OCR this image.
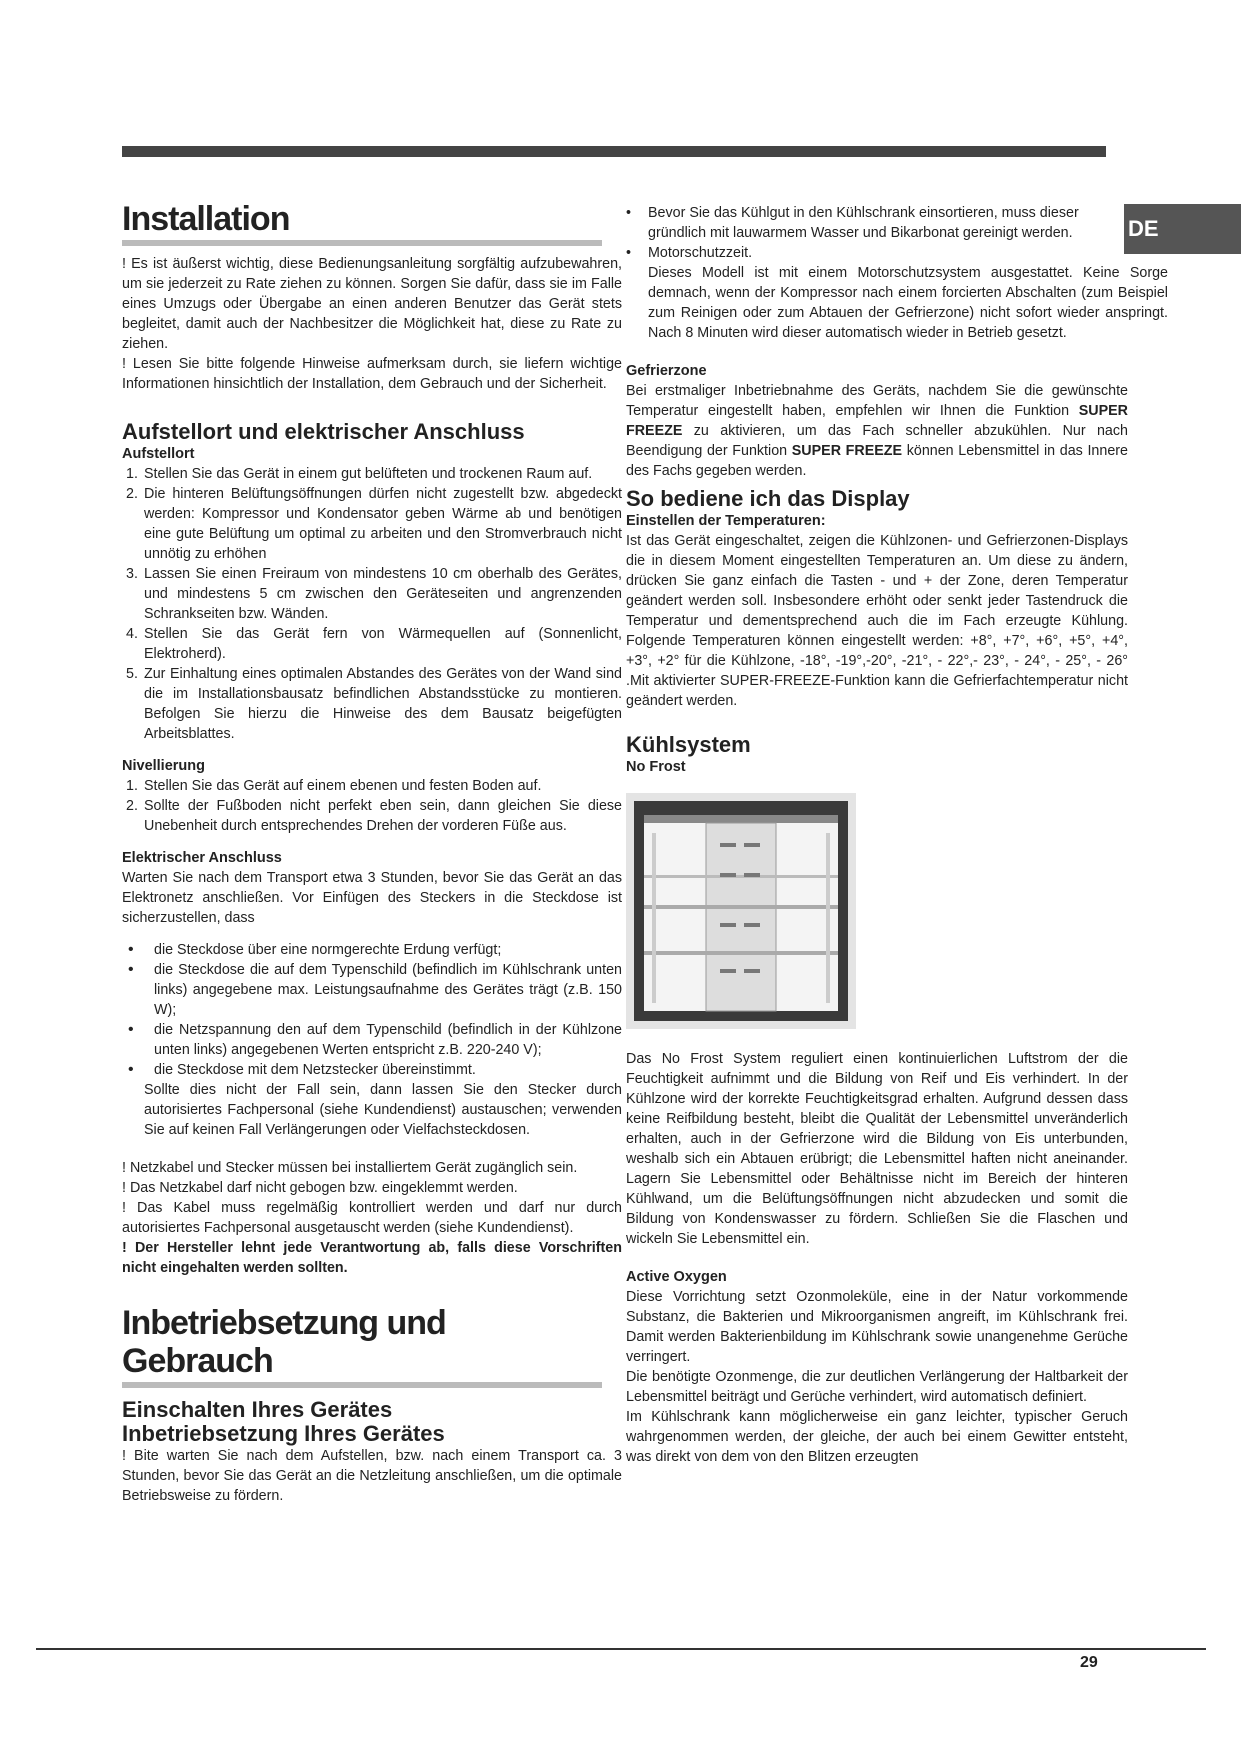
DE
Installation

! Es ist äußerst wichtig, diese Bedienungsanleitung sorgfältig aufzubewahren, um sie jederzeit zu Rate ziehen zu können. Sorgen Sie dafür, dass sie im Falle eines Umzugs oder Übergabe an einen anderen Benutzer das Gerät stets begleitet, damit auch der Nachbesitzer die Möglichkeit hat, diese zu Rate zu ziehen.

! Lesen Sie bitte folgende Hinweise aufmerksam durch, sie liefern wichtige Informationen hinsichtlich der Installation, dem Gebrauch und der Sicherheit.

Aufstellort und elektrischer Anschluss
Aufstellort
1. Stellen Sie das Gerät in einem gut belüfteten und trockenen Raum auf.
2. Die hinteren Belüftungsöffnungen dürfen nicht zugestellt bzw. abgedeckt werden: Kompressor und Kondensator geben Wärme ab und benötigen eine gute Belüftung um optimal zu arbeiten und den Stromverbrauch nicht unnötig zu erhöhen
3. Lassen Sie einen Freiraum von mindestens 10 cm oberhalb des Gerätes, und mindestens 5 cm zwischen den Geräteseiten und angrenzenden Schrankseiten bzw. Wänden.
4. Stellen Sie das Gerät fern von Wärmequellen auf (Sonnenlicht, Elektroherd).
5. Zur Einhaltung eines optimalen Abstandes des Gerätes von der Wand sind die im Installationsbausatz befindlichen Abstandsstücke zu montieren. Befolgen Sie hierzu die Hinweise des dem Bausatz beigefügten Arbeitsblattes.
Nivellierung
1. Stellen Sie das Gerät auf einem ebenen und festen Boden auf.
2. Sollte der Fußboden nicht perfekt eben sein, dann gleichen Sie diese Unebenheit durch entsprechendes Drehen der vorderen Füße aus.
Elektrischer Anschluss

Warten Sie nach dem Transport etwa 3 Stunden, bevor Sie das Gerät an das Elektronetz anschließen. Vor Einfügen des Steckers in die Steckdose ist sicherzustellen, dass

• die Steckdose über eine normgerechte Erdung verfügt;
• die Steckdose die auf dem Typenschild (befindlich im Kühlschrank unten links) angegebene max. Leistungsaufnahme des Gerätes trägt (z.B. 150 W);
• die Netzspannung den auf dem Typenschild (befindlich in der Kühlzone unten links) angegebenen Werten entspricht z.B. 220-240 V);
• die Steckdose mit dem Netzstecker übereinstimmt.

Sollte dies nicht der Fall sein, dann lassen Sie den Stecker durch autorisiertes Fachpersonal (siehe Kundendienst) austauschen; verwenden Sie auf keinen Fall Verlängerungen oder Vielfachsteckdosen.

! Netzkabel und Stecker müssen bei installiertem Gerät zugänglich sein.

! Das Netzkabel darf nicht gebogen bzw. eingeklemmt werden.

! Das Kabel muss regelmäßig kontrolliert werden und darf nur durch autorisiertes Fachpersonal ausgetauscht werden (siehe Kundendienst).

! Der Hersteller lehnt jede Verantwortung ab, falls diese Vorschriften nicht eingehalten werden sollten.

Inbetriebsetzung und Gebrauch
Einschalten Ihres Gerätes
Inbetriebsetzung Ihres Gerätes

! Bite warten Sie nach dem Aufstellen, bzw. nach einem Transport ca. 3 Stunden, bevor Sie das Gerät an die Netzleitung anschließen, um die optimale Betriebsweise zu fördern.

• Bevor Sie das Kühlgut in den Kühlschrank einsortieren, muss dieser gründlich mit lauwarmem Wasser und Bikarbonat gereinigt werden.
• Motorschutzzeit.

Dieses Modell ist mit einem Motorschutzsystem ausgestattet. Keine Sorge demnach, wenn der Kompressor nach einem forcierten Abschalten (zum Beispiel zum Reinigen oder zum Abtauen der Gefrierzone) nicht sofort wieder anspringt. Nach 8 Minuten wird dieser automatisch wieder in Betrieb gesetzt.

Gefrierzone

Bei erstmaliger Inbetriebnahme des Geräts, nachdem Sie die gewünschte Temperatur eingestellt haben, empfehlen wir Ihnen die Funktion SUPER FREEZE zu aktivieren, um das Fach schneller abzukühlen. Nur nach Beendigung der Funktion SUPER FREEZE können Lebensmittel in das Innere des Fachs gegeben werden.

So bediene ich das Display
Einstellen der Temperaturen:

Ist das Gerät eingeschaltet, zeigen die Kühlzonen- und Gefrierzonen-Displays die in diesem Moment eingestellten Temperaturen an. Um diese zu ändern, drücken Sie ganz einfach die Tasten - und + der Zone, deren Temperatur geändert werden soll. Insbesondere erhöht oder senkt jeder Tastendruck die Temperatur und dementsprechend auch die im Fach erzeugte Kühlung. Folgende Temperaturen können eingestellt werden: +8°, +7°, +6°, +5°, +4°, +3°, +2° für die Kühlzone, -18°, -19°,-20°, -21°, - 22°,- 23°, - 24°, - 25°, - 26° .Mit aktivierter SUPER-FREEZE-Funktion kann die Gefrierfachtemperatur nicht geändert werden.

Kühlsystem
No Frost

Das No Frost System reguliert einen kontinuierlichen Luftstrom der die Feuchtigkeit aufnimmt und die Bildung von Reif und Eis verhindert. In der Kühlzone wird der korrekte Feuchtigkeitsgrad erhalten. Aufgrund dessen dass keine Reifbildung besteht, bleibt die Qualität der Lebensmittel unveränderlich erhalten, auch in der Gefrierzone wird die Bildung von Eis unterbunden, weshalb sich ein Abtauen erübrigt; die Lebensmittel haften nicht aneinander. Lagern Sie Lebensmittel oder Behältnisse nicht im Bereich der hinteren Kühlwand, um die Belüftungsöffnungen nicht abzudecken und somit die Bildung von Kondenswasser zu fördern. Schließen Sie die Flaschen und wickeln Sie Lebensmittel ein.

Active Oxygen

Diese Vorrichtung setzt Ozonmoleküle, eine in der Natur vorkommende Substanz, die Bakterien und Mikroorganismen angreift, im Kühlschrank frei. Damit werden Bakterienbildung im Kühlschrank sowie unangenehme Gerüche verringert.

Die benötigte Ozonmenge, die zur deutlichen Verlängerung der Haltbarkeit der Lebensmittel beiträgt und Gerüche verhindert, wird automatisch definiert.

Im Kühlschrank kann möglicherweise ein ganz leichter, typischer Geruch wahrgenommen werden, der gleiche, der auch bei einem Gewitter entsteht, was direkt von dem von den Blitzen erzeugten

29
